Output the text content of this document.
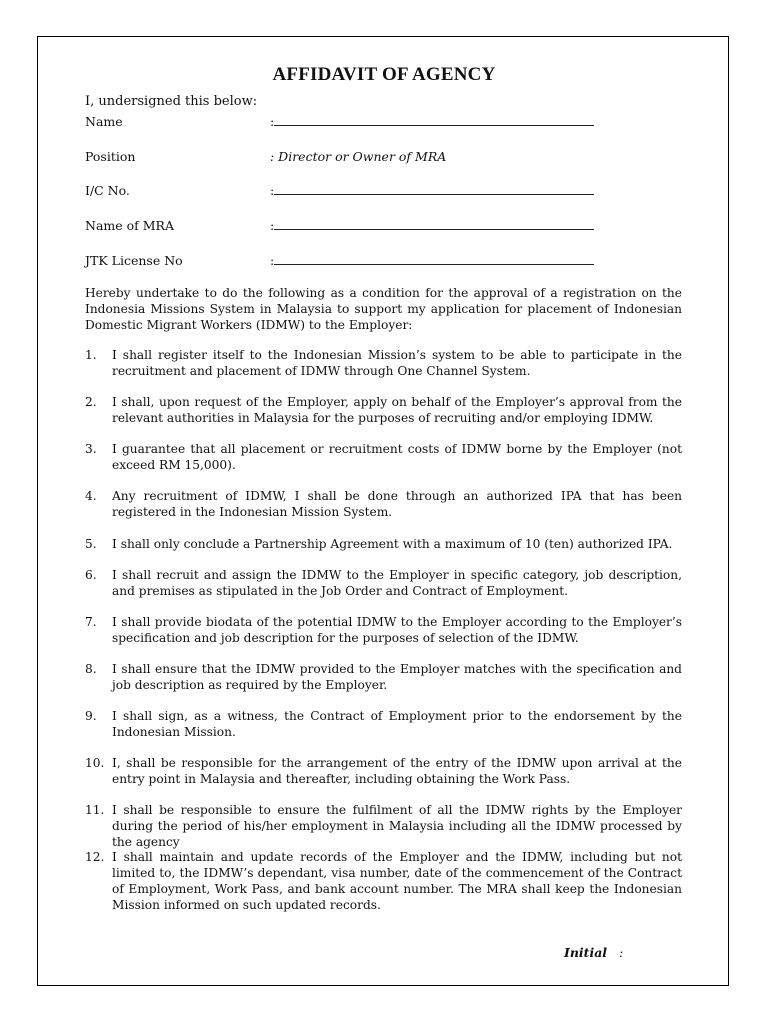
AFFIDAVIT OF AGENCY
I, undersigned this below:
Name	:
Position	: Director or Owner of MRA
I/C No.	:
Name of MRA	:
JTK License No	:
Hereby undertake to do the following as a condition for the approval of a registration on the Indonesia Missions System in Malaysia to support my application for placement of Indonesian Domestic Migrant Workers (IDMW) to the Employer:
1.	I shall register itself to the Indonesian Mission’s system to be able to participate in the recruitment and placement of IDMW through One Channel System.
2.	I shall, upon request of the Employer, apply on behalf of the Employer’s approval from the relevant authorities in Malaysia for the purposes of recruiting and/or employing IDMW.
3.	I guarantee that all placement or recruitment costs of IDMW borne by the Employer (not exceed RM 15,000).
4.	Any recruitment of IDMW, I shall be done through an authorized IPA that has been registered in the Indonesian Mission System.
5.	I shall only conclude a Partnership Agreement with a maximum of 10 (ten) authorized IPA.
6.	I shall recruit and assign the IDMW to the Employer in specific category, job description, and premises as stipulated in the Job Order and Contract of Employment.
7.	I shall provide biodata of the potential IDMW to the Employer according to the Employer’s specification and job description for the purposes of selection of the IDMW.
8.	I shall ensure that the IDMW provided to the Employer matches with the specification and job description as required by the Employer.
9.	I shall sign, as a witness, the Contract of Employment prior to the endorsement by the Indonesian Mission.
10. I, shall be responsible for the arrangement of the entry of the IDMW upon arrival at the entry point in Malaysia and thereafter, including obtaining the Work Pass.
11. I shall be responsible to ensure the fulfilment of all the IDMW rights by the Employer during the period of his/her employment in Malaysia including all the IDMW processed by the agency
12. I shall maintain and update records of the Employer and the IDMW, including but not limited to, the IDMW’s dependant, visa number, date of the commencement of the Contract of Employment, Work Pass, and bank account number. The MRA shall keep the Indonesian Mission informed on such updated records.
Initial :
